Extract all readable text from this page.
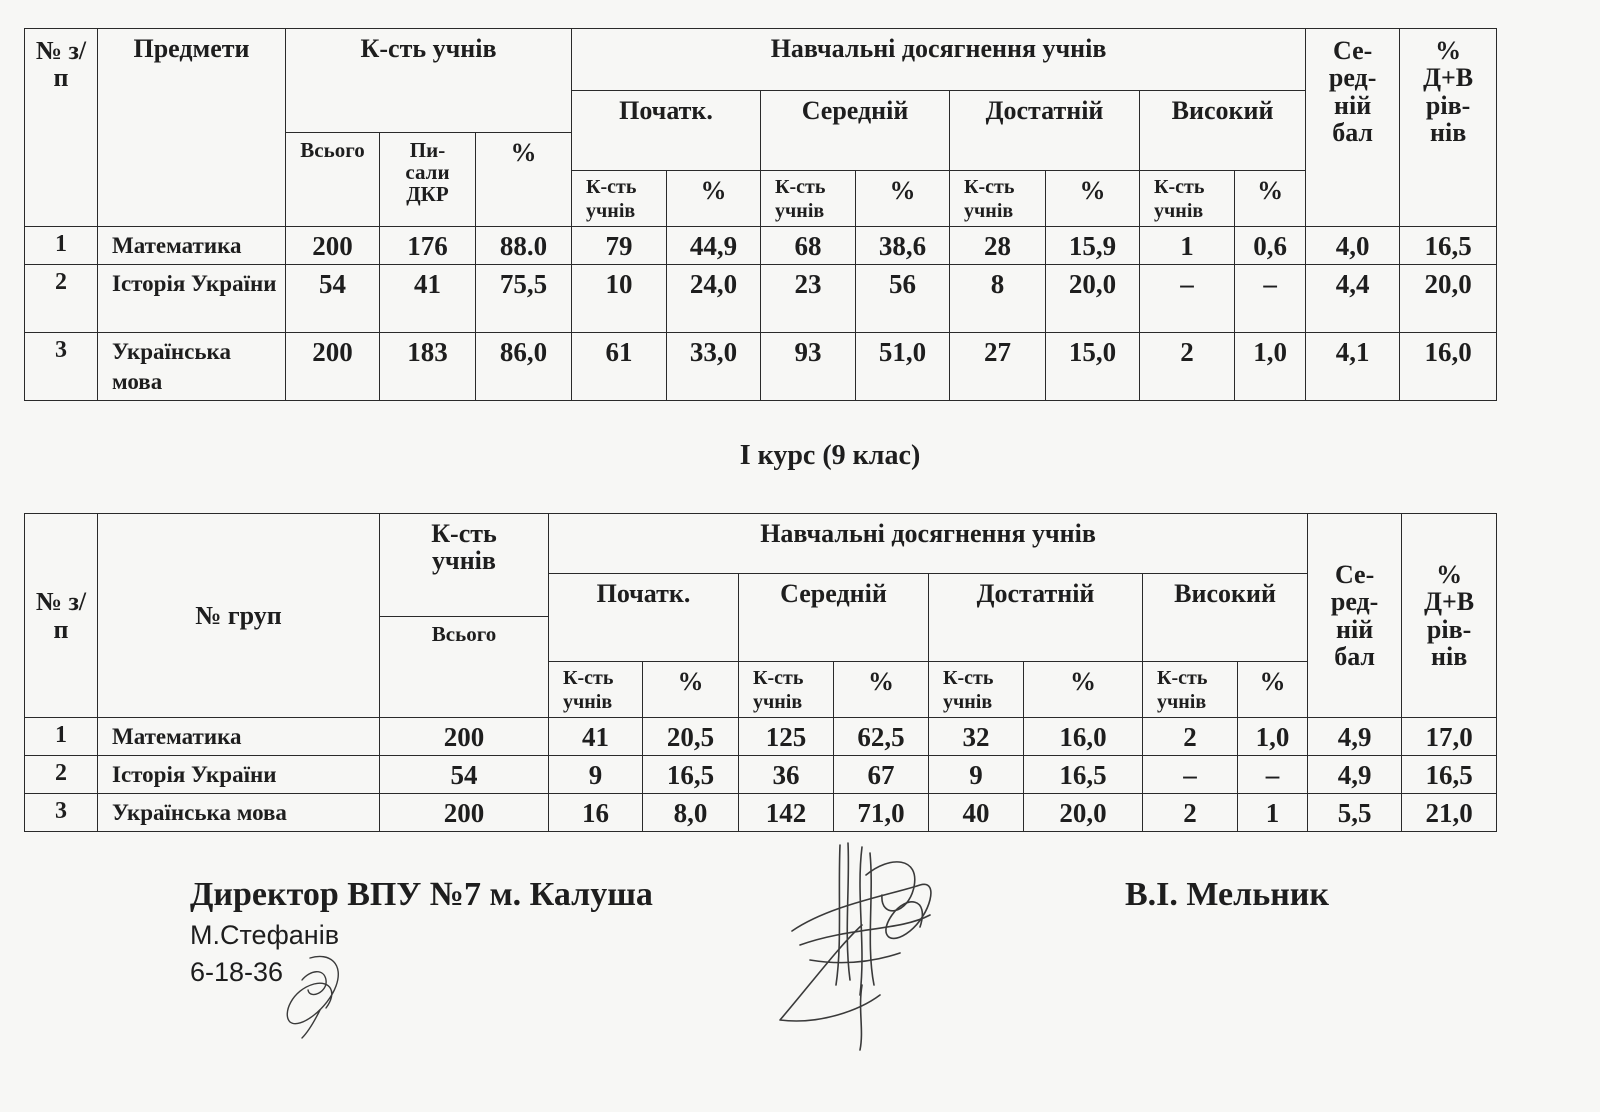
№ з/п	Предмети	К-сть учнів			Навчальні досягнення учнів								Се-ред-ній бал	% Д+В рів-нів
					Початк.		Середній		Достатній		Високий			
		Всього	Пи-сали ДКР	%										
					К-сть учнів	%	К-сть учнів	%	К-сть учнів	%	К-сть учнів	%		
1	Математика	200	176	88.0	79	44,9	68	38,6	28	15,9	1	0,6	4,0	16,5
2	Історія України	54	41	75,5	10	24,0	23	56	8	20,0	–	–	4,4	20,0
3	Українська мова	200	183	86,0	61	33,0	93	51,0	27	15,0	2	1,0	4,1	16,0
І курс (9 клас)
№ з/п	№ груп	К-сть учнів	Навчальні досягнення учнів								Се-ред-ній бал	% Д+В рів-нів
			Початк.		Середній		Достатній		Високий			
		Всього										
			К-сть учнів	%	К-сть учнів	%	К-сть учнів	%	К-сть учнів	%		
1	Математика	200	41	20,5	125	62,5	32	16,0	2	1,0	4,9	17,0
2	Історія України	54	9	16,5	36	67	9	16,5	–	–	4,9	16,5
3	Українська мова	200	16	8,0	142	71,0	40	20,0	2	1	5,5	21,0
Директор ВПУ №7 м. Калуша	В.І. Мельник
М.Стефанів
6-18-36
